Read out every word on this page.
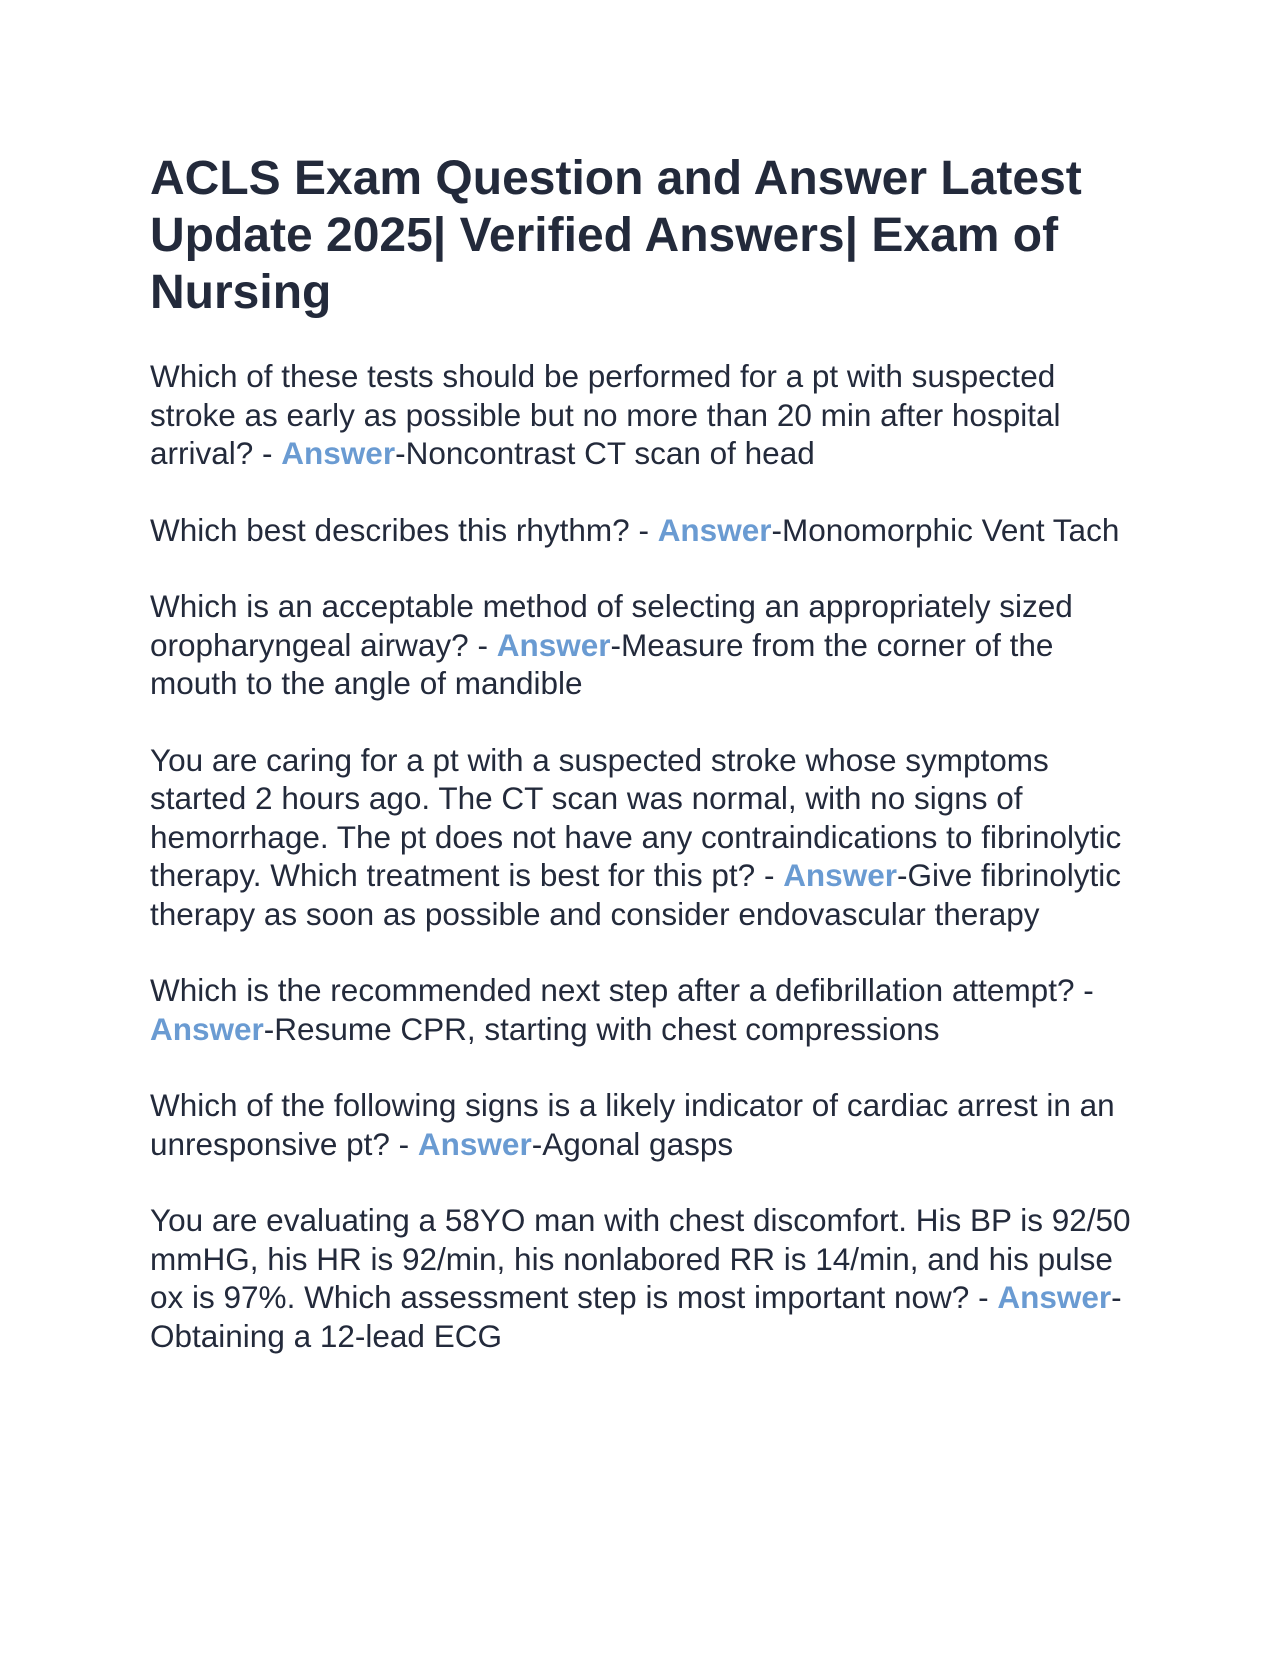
ACLS Exam Question and Answer Latest Update 2025| Verified Answers| Exam of Nursing

Which of these tests should be performed for a pt with suspected stroke as early as possible but no more than 20 min after hospital arrival? - Answer-Noncontrast CT scan of head

Which best describes this rhythm? - Answer-Monomorphic Vent Tach

Which is an acceptable method of selecting an appropriately sized oropharyngeal airway? - Answer-Measure from the corner of the mouth to the angle of mandible

You are caring for a pt with a suspected stroke whose symptoms started 2 hours ago. The CT scan was normal, with no signs of hemorrhage. The pt does not have any contraindications to fibrinolytic therapy. Which treatment is best for this pt? - Answer-Give fibrinolytic therapy as soon as possible and consider endovascular therapy

Which is the recommended next step after a defibrillation attempt? - Answer-Resume CPR, starting with chest compressions

Which of the following signs is a likely indicator of cardiac arrest in an unresponsive pt? - Answer-Agonal gasps

You are evaluating a 58YO man with chest discomfort. His BP is 92/50 mmHG, his HR is 92/min, his nonlabored RR is 14/min, and his pulse ox is 97%. Which assessment step is most important now? - Answer-Obtaining a 12-lead ECG
